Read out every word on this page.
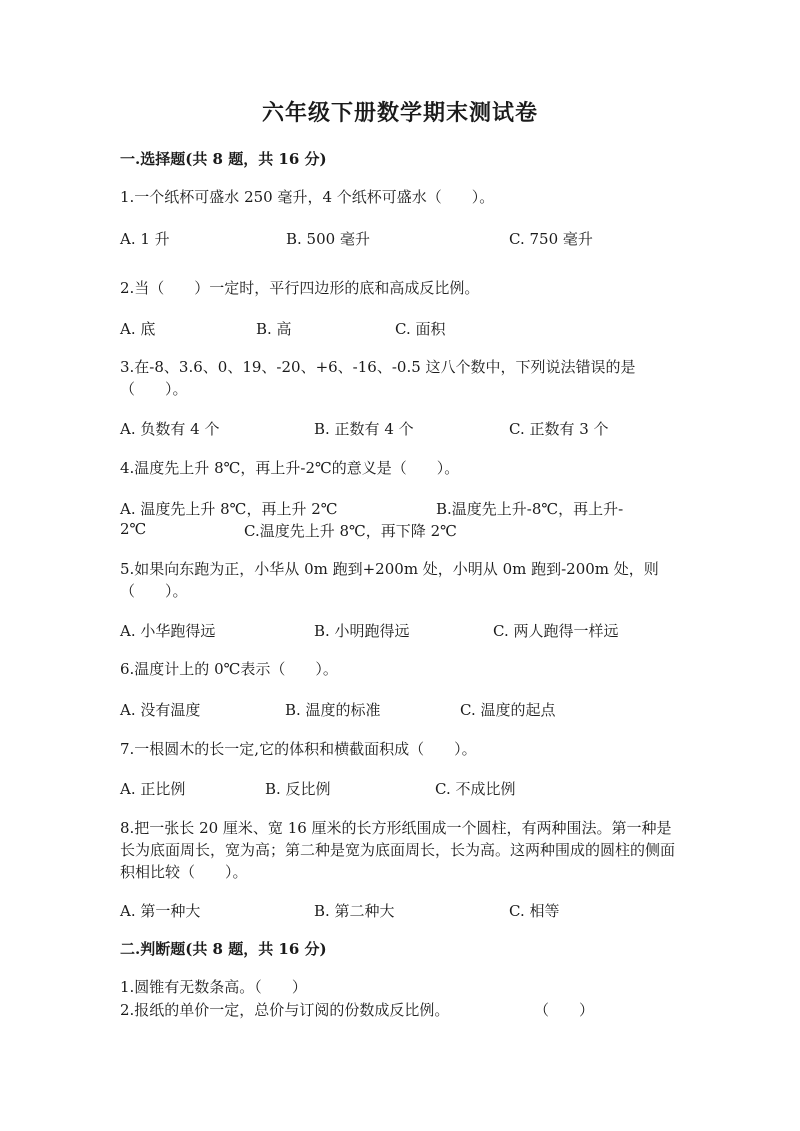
六年级下册数学期末测试卷
一.选择题(共 8 题，共 16 分)
1.一个纸杯可盛水 250 毫升，4 个纸杯可盛水（　　）。
A. 1 升	B. 500 毫升	C. 750 毫升
2.当（　　）一定时，平行四边形的底和高成反比例。
A. 底	B. 高	C. 面积
3.在-8、3.6、0、19、-20、+6、-16、-0.5 这八个数中，下列说法错误的是（　　）。
A. 负数有 4 个	B. 正数有 4 个	C. 正数有 3 个
4.温度先上升 8℃，再上升-2℃的意义是（　　）。
A. 温度先上升 8℃，再上升 2℃	B.温度先上升-8℃，再上升-
2℃	C.温度先上升 8℃，再下降 2℃
5.如果向东跑为正，小华从 0m 跑到+200m 处，小明从 0m 跑到-200m 处，则（　　）。
A. 小华跑得远	B. 小明跑得远	C. 两人跑得一样远
6.温度计上的 0℃表示（　　）。
A. 没有温度	B. 温度的标准	C. 温度的起点
7.一根圆木的长一定,它的体积和横截面积成（　　）。
A. 正比例	B. 反比例	C. 不成比例
8.把一张长 20 厘米、宽 16 厘米的长方形纸围成一个圆柱，有两种围法。第一种是长为底面周长，宽为高；第二种是宽为底面周长，长为高。这两种围成的圆柱的侧面积相比较（　　）。
A. 第一种大	B. 第二种大	C. 相等
二.判断题(共 8 题，共 16 分)
1.圆锥有无数条高。（　　）
2.报纸的单价一定，总价与订阅的份数成反比例。	（　　）
